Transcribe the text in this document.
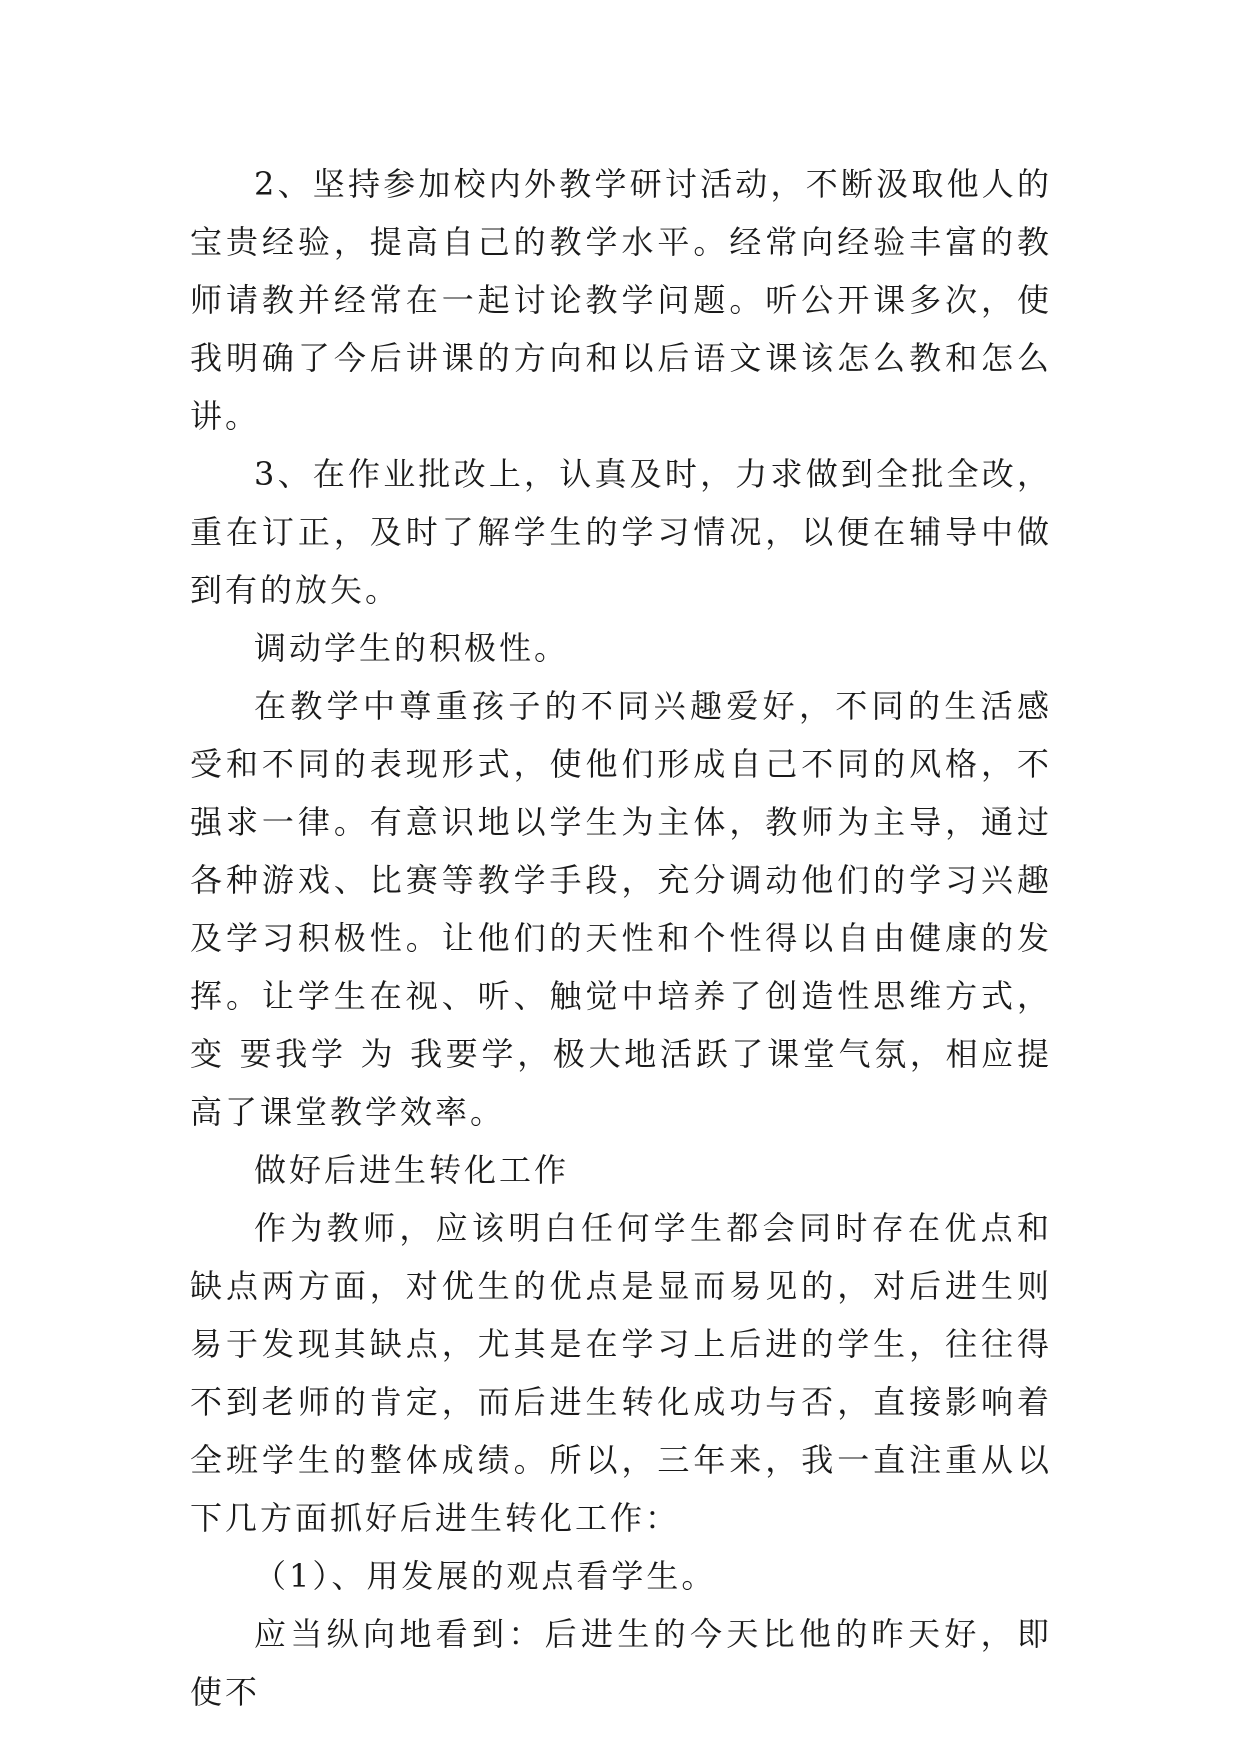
2、坚持参加校内外教学研讨活动，不断汲取他人的宝贵经验，提高自己的教学水平。经常向经验丰富的教师请教并经常在一起讨论教学问题。听公开课多次，使我明确了今后讲课的方向和以后语文课该怎么教和怎么讲。

3、在作业批改上，认真及时，力求做到全批全改，重在订正，及时了解学生的学习情况，以便在辅导中做到有的放矢。

调动学生的积极性。

在教学中尊重孩子的不同兴趣爱好，不同的生活感受和不同的表现形式，使他们形成自己不同的风格，不强求一律。有意识地以学生为主体，教师为主导，通过各种游戏、比赛等教学手段，充分调动他们的学习兴趣及学习积极性。让他们的天性和个性得以自由健康的发挥。让学生在视、听、触觉中培养了创造性思维方式，变 要我学 为 我要学，极大地活跃了课堂气氛，相应提高了课堂教学效率。

做好后进生转化工作

作为教师，应该明白任何学生都会同时存在优点和缺点两方面，对优生的优点是显而易见的，对后进生则易于发现其缺点，尤其是在学习上后进的学生，往往得不到老师的肯定，而后进生转化成功与否，直接影响着全班学生的整体成绩。所以，三年来，我一直注重从以下几方面抓好后进生转化工作：

（1）、用发展的观点看学生。

应当纵向地看到：后进生的今天比他的昨天好，即使不
